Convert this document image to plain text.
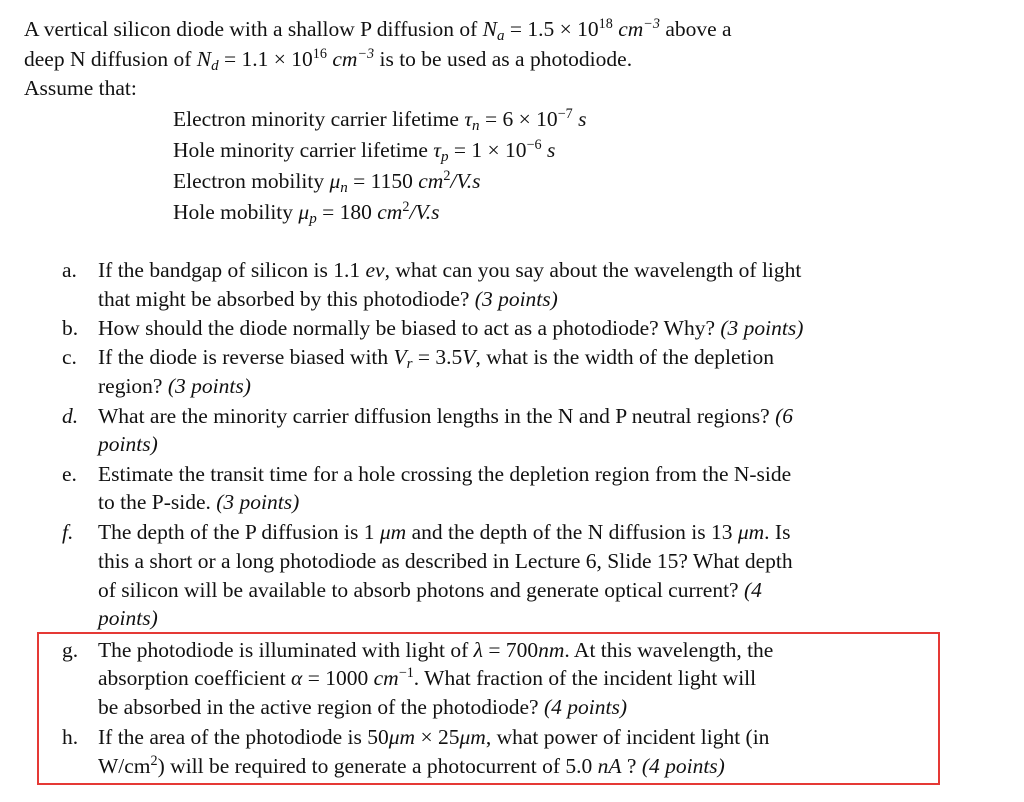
A vertical silicon diode with a shallow P diffusion of $N_a = 1.5 \times 10^{18}$ $cm^{-3}$ above a
deep N diffusion of $N_d = 1.1 \times 10^{16}$ $cm^{-3}$ is to be used as a photodiode.
Assume that:
Electron minority carrier lifetime $\tau_n = 6 \times 10^{-7}$ s
Hole minority carrier lifetime $\tau_p = 1 \times 10^{-6}$ s
Electron mobility $\mu_n = 1150$ $cm^2/V.s$
Hole mobility $\mu_p = 180$ $cm^2/V.s$
a. If the bandgap of silicon is 1.1 ev, what can you say about the wavelength of light
that might be absorbed by this photodiode? (3 points)
b. How should the diode normally be biased to act as a photodiode? Why? (3 points)
c. If the diode is reverse biased with $V_r = 3.5V$, what is the width of the depletion
region? (3 points)
d. What are the minority carrier diffusion lengths in the N and P neutral regions? (6
points)
e. Estimate the transit time for a hole crossing the depletion region from the N-side
to the P-side. (3 points)
f.	The depth of the P diffusion is 1 μm and the depth of the N diffusion is 13 μm. Is
this a short or a long photodiode as described in Lecture 6, Slide 15? What depth
of silicon will be available to absorb photons and generate optical current? (4
points)
g. The photodiode is illuminated with light of λ = 700nm. At this wavelength, the
absorption coefficient α = 1000 $cm^{-1}$. What fraction of the incident light will
be absorbed in the active region of the photodiode? (4 points)
h. If the area of the photodiode is 50μm × 25μm, what power of incident light (in
$W/cm^2$) will be required to generate a photocurrent of 5.0 nA ? (4 points)
